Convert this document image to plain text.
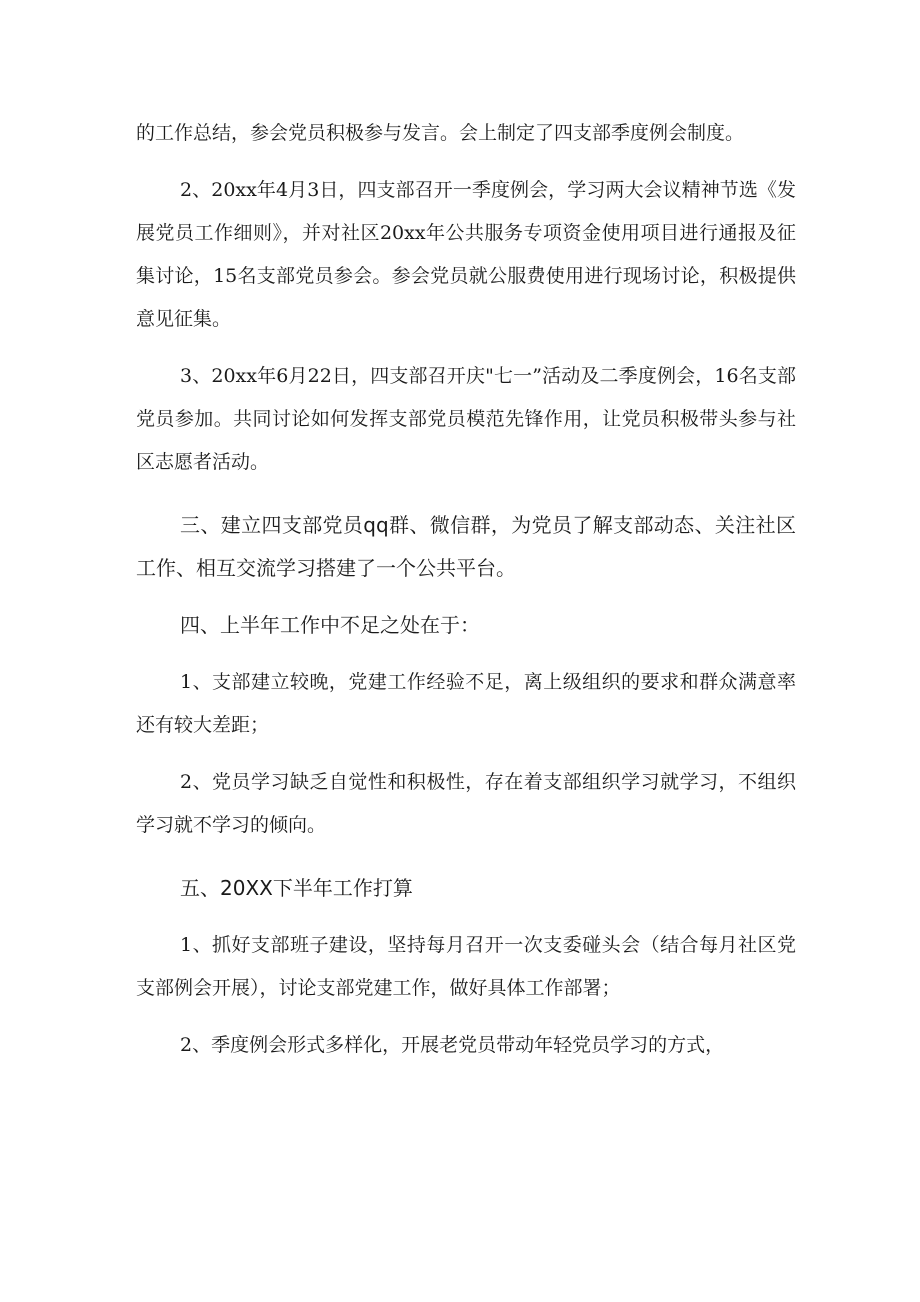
的工作总结，参会党员积极参与发言。会上制定了四支部季度例会制度。

2、20xx年4月3日，四支部召开一季度例会，学习两大会议精神节选《发展党员工作细则》，并对社区20xx年公共服务专项资金使用项目进行通报及征集讨论，15名支部党员参会。参会党员就公服费使用进行现场讨论，积极提供意见征集。

3、20xx年6月22日，四支部召开庆"七一”活动及二季度例会，16名支部党员参加。共同讨论如何发挥支部党员模范先锋作用，让党员积极带头参与社区志愿者活动。

三、建立四支部党员qq群、微信群，为党员了解支部动态、关注社区工作、相互交流学习搭建了一个公共平台。

四、上半年工作中不足之处在于：

1、支部建立较晚，党建工作经验不足，离上级组织的要求和群众满意率还有较大差距；

2、党员学习缺乏自觉性和积极性，存在着支部组织学习就学习，不组织学习就不学习的倾向。

五、20XX下半年工作打算

1、抓好支部班子建设，坚持每月召开一次支委碰头会（结合每月社区党支部例会开展），讨论支部党建工作，做好具体工作部署；

2、季度例会形式多样化，开展老党员带动年轻党员学习的方式，
